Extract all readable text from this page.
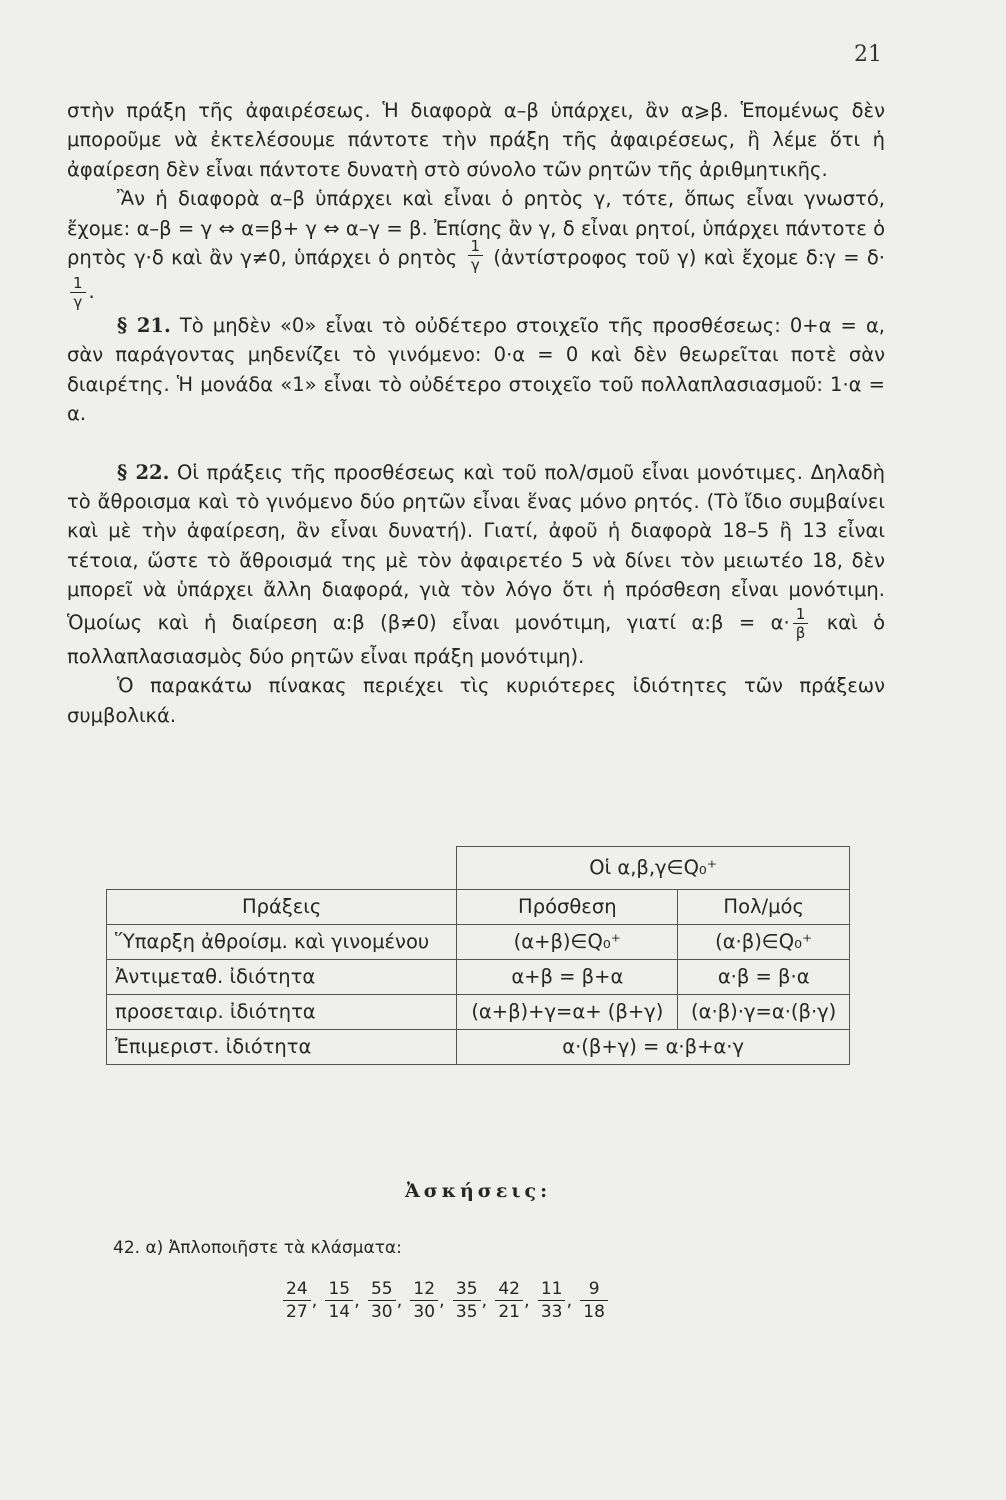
21

στὴν πράξη τῆς ἀφαιρέσεως. Ἡ διαφορὰ α–β ὑπάρχει, ἂν α⩾β. Ἑπομένως δὲν μποροῦμε νὰ ἐκτελέσουμε πάντοτε τὴν πράξη τῆς ἀφαιρέσεως, ἢ λέμε ὅτι ἡ ἀφαίρεση δὲν εἶναι πάντοτε δυνατὴ στὸ σύνολο τῶν ρητῶν τῆς ἀριθμητικῆς.

Ἂν ἡ διαφορὰ α–β ὑπάρχει καὶ εἶναι ὁ ρητὸς γ, τότε, ὅπως εἶναι γνωστό, ἔχομε: α–β = γ ⇔ α=β+ γ ⇔ α–γ = β. Ἐπίσης ἂν γ, δ εἶναι ρητοί, ὑπάρχει πάντοτε ὁ ρητὸς γ·δ καὶ ἂν γ≠0, ὑπάρχει ὁ ρητὸς $\frac{1}{\gamma}$ (ἀντίστροφος τοῦ γ) καὶ ἔχομε δ:γ = δ·
$\frac{1}{\gamma}$ .

§ 21. Τὸ μηδὲν «0» εἶναι τὸ οὐδέτερο στοιχεῖο τῆς προσθέσεως: 0+α = α, σὰν παράγοντας μηδενίζει τὸ γινόμενο: 0·α = 0 καὶ δὲν θεωρεῖται ποτὲ σὰν διαιρέτης. Ἡ μονάδα «1» εἶναι τὸ οὐδέτερο στοιχεῖο τοῦ πολλαπλασιασμοῦ: 1·α = α.

§ 22. Οἱ πράξεις τῆς προσθέσεως καὶ τοῦ πολ/σμοῦ εἶναι μονότιμες. Δηλαδὴ τὸ ἄθροισμα καὶ τὸ γινόμενο δύο ρητῶν εἶναι ἕνας μόνο ρητός. (Τὸ ἴδιο συμβαίνει καὶ μὲ τὴν ἀφαίρεση, ἂν εἶναι δυνατή). Γιατί, ἀφοῦ ἡ διαφορὰ 18–5 ἢ 13 εἶναι τέτοια, ὥστε τὸ ἄθροισμά της μὲ τὸν ἀφαιρετέο 5 νὰ δίνει τὸν μειωτέο 18, δὲν μπορεῖ νὰ ὑπάρχει ἄλλη διαφορά, γιὰ τὸν λόγο ὅτι ἡ πρόσθεση εἶναι μονότιμη. Ὁμοίως καὶ ἡ διαίρεση α:β (β≠0) εἶναι μονότιμη, γιατί α:β = $\alpha\cdot \frac{1}{\beta}$ καὶ ὁ πολλαπλασιασμὸς δύο ρητῶν εἶναι πράξη μονότιμη).

Ὁ παρακάτω πίνακας περιέχει τὶς κυριότερες ἰδιότητες τῶν πράξεων συμβολικά.

	Οἱ α,β,γ∈Q₀⁺	
Πράξεις	Πρόσθεση	Πολ/μός
Ὕπαρξη ἀθροίσμ. καὶ γινομένου	(α+β)∈Q₀⁺	(α·β)∈Q₀⁺
Ἀντιμεταθ. ἰδιότητα	α+β = β+α	α·β = β·α
προσεταιρ. ἰδιότητα	(α+β)+γ=α+ (β+γ)	(α·β)·γ=α·(β·γ)
Ἐπιμεριστ. ἰδιότητα	α·(β+γ) = α·β+α·γ	
Ἀσκήσεις:
42. α) Ἀπλοποιῆστε τὰ κλάσματα:
$\frac{24}{27}$ , $\frac{15}{14}$ , $\frac{55}{30}$ , $\frac{12}{30}$ , $\frac{35}{35}$ , $\frac{42}{21}$ , $\frac{11}{33}$ , $\frac{9}{18}$
